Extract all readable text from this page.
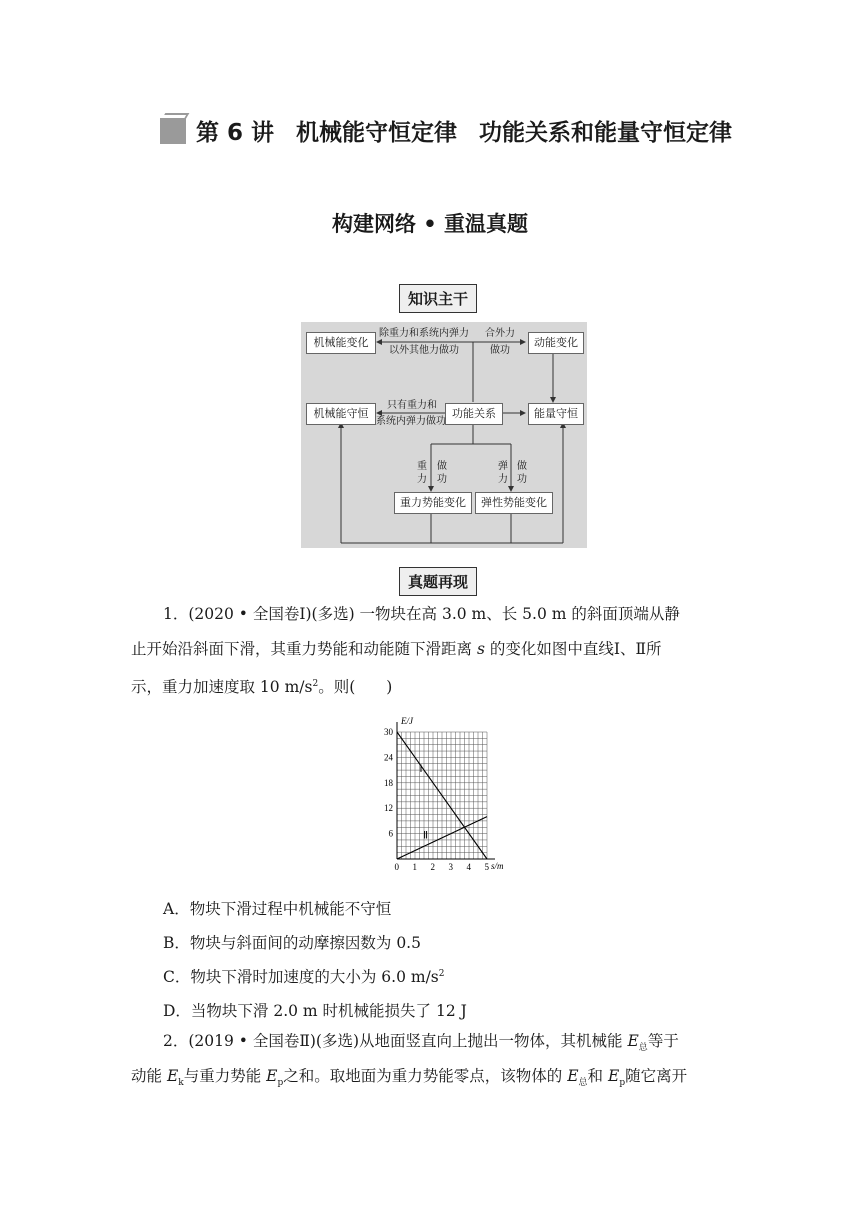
第 6 讲 机械能守恒定律 功能关系和能量守恒定律
构建网络 • 重温真题
知识主干
机械能变化	动能变化
机械能守恒	功能关系	能量守恒
重力势能变化	弹性势能变化
除重力和系统内弹力
以外其他力做功
合外力
做功
只有重力和
系统内弹力做功
重
力
做
功
弹
力
做
功
真题再现
1．(2020 • 全国卷Ⅰ)(多选) 一物块在高 3.0 m、长 5.0 m 的斜面顶端从静
止开始沿斜面下滑，其重力势能和动能随下滑距离 s 的变化如图中直线Ⅰ、Ⅱ所
示，重力加速度取 10 $m/s^2$。则(　　)
E/J
s/m
0 1 2 3 4 5
6
12
18
24
30
Ⅰ
Ⅱ
A．物块下滑过程中机械能不守恒
B．物块与斜面间的动摩擦因数为 0.5
C．物块下滑时加速度的大小为 6.0 $m/s^2$
D．当物块下滑 2.0 m 时机械能损失了 12 J
2．(2019 • 全国卷Ⅱ)(多选)从地面竖直向上抛出一物体，其机械能 $E_总$等于
动能 $E_k$与重力势能 $E_p$之和。取地面为重力势能零点，该物体的 $E_总$和 $E_p$随它离开
